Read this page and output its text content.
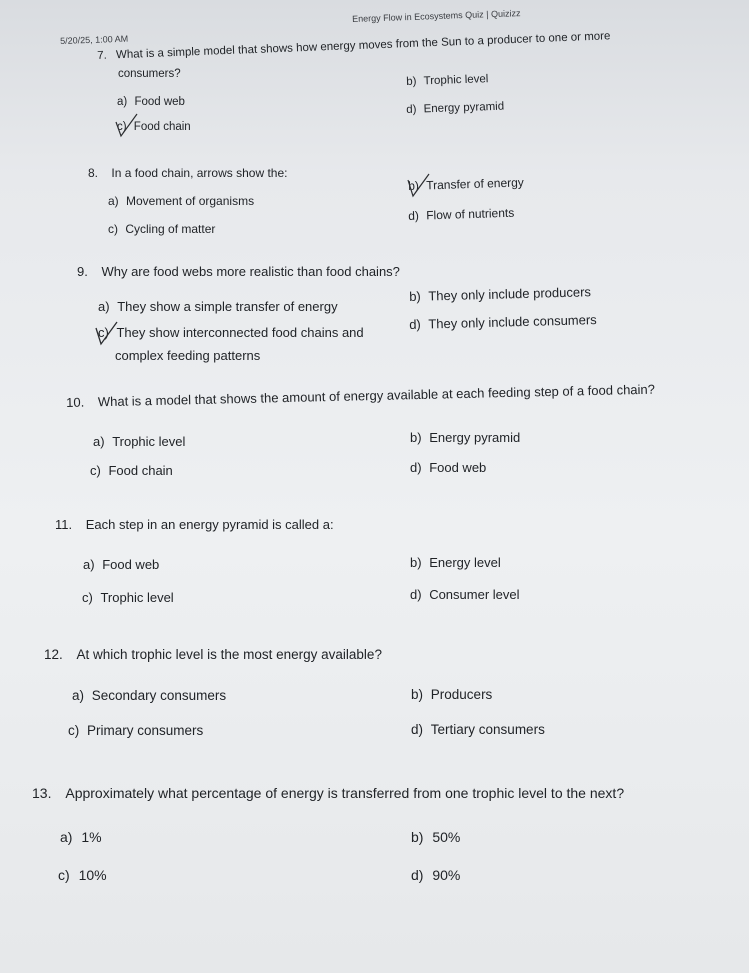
Energy Flow in Ecosystems Quiz | Quizizz
5/20/25, 1:00 AM
7. What is a simple model that shows how energy moves from the Sun to a producer to one or more
consumers?
a) Food web
b) Trophic level
c) Food chain
d) Energy pyramid
8. In a food chain, arrows show the:
a) Movement of organisms
b) Transfer of energy
c) Cycling of matter
d) Flow of nutrients
9. Why are food webs more realistic than food chains?
a) They show a simple transfer of energy
b) They only include producers
c) They show interconnected food chains and
complex feeding patterns
d) They only include consumers
10. What is a model that shows the amount of energy available at each feeding step of a food chain?
a) Trophic level	b) Energy pyramid
c) Food chain	d) Food web
11. Each step in an energy pyramid is called a:
a) Food web	b) Energy level
c) Trophic level	d) Consumer level
12. At which trophic level is the most energy available?
a) Secondary consumers	b) Producers
c) Primary consumers	d) Tertiary consumers
13. Approximately what percentage of energy is transferred from one trophic level to the next?
a) 1%	b) 50%
c) 10%	d) 90%
